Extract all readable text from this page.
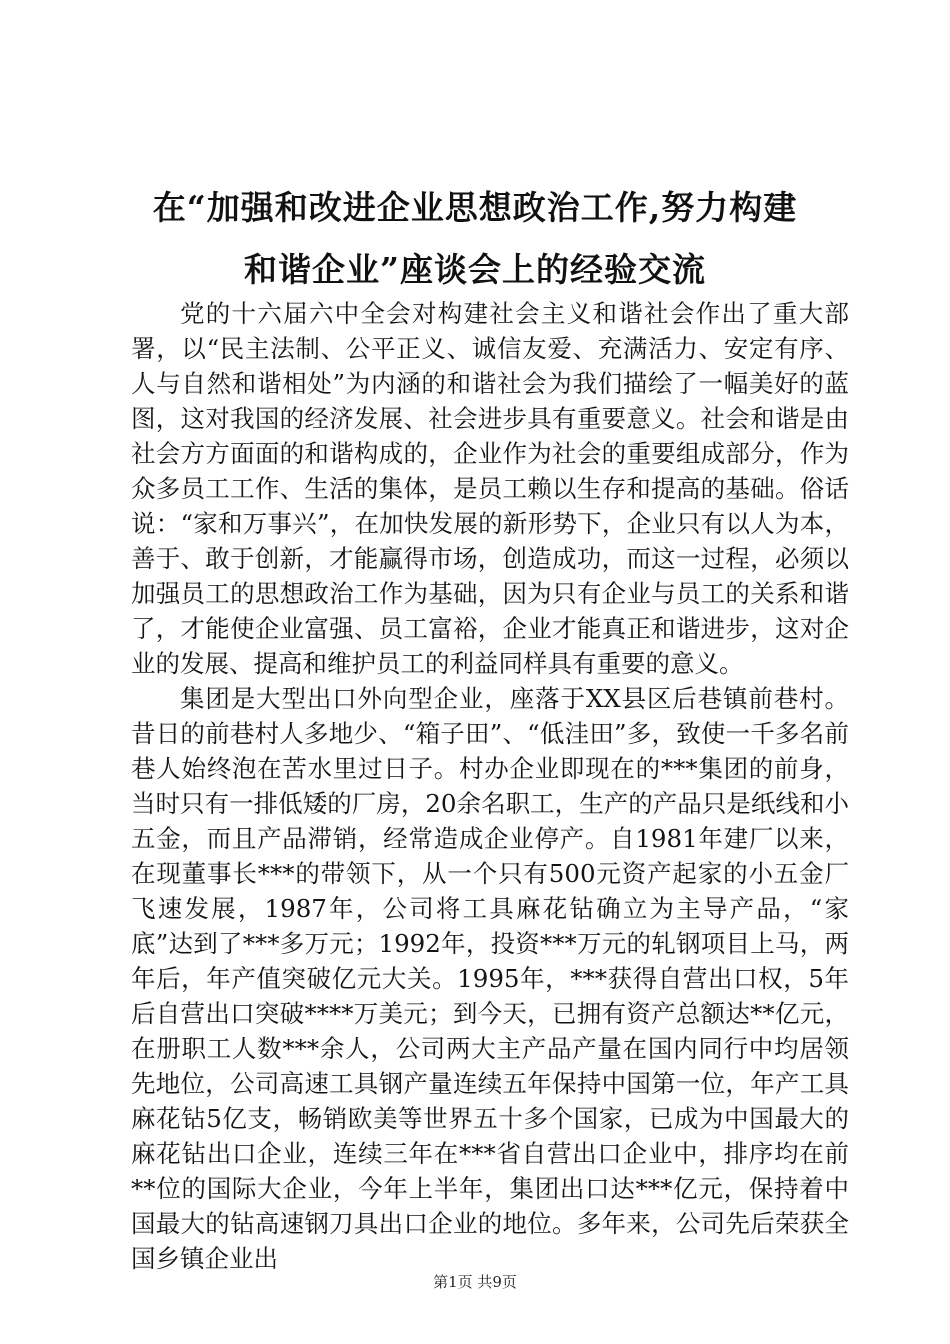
在“加强和改进企业思想政治工作,努力构建
和谐企业”座谈会上的经验交流

党的十六届六中全会对构建社会主义和谐社会作出了重大部署，以“民主法制、公平正义、诚信友爱、充满活力、安定有序、人与自然和谐相处”为内涵的和谐社会为我们描绘了一幅美好的蓝图，这对我国的经济发展、社会进步具有重要意义。社会和谐是由社会方方面面的和谐构成的，企业作为社会的重要组成部分，作为众多员工工作、生活的集体，是员工赖以生存和提高的基础。俗话说：“家和万事兴”，在加快发展的新形势下，企业只有以人为本，善于、敢于创新，才能赢得市场，创造成功，而这一过程，必须以加强员工的思想政治工作为基础，因为只有企业与员工的关系和谐了，才能使企业富强、员工富裕，企业才能真正和谐进步，这对企业的发展、提高和维护员工的利益同样具有重要的意义。

集团是大型出口外向型企业，座落于XX县区后巷镇前巷村。昔日的前巷村人多地少、“箱子田”、“低洼田”多，致使一千多名前巷人始终泡在苦水里过日子。村办企业即现在的***集团的前身，当时只有一排低矮的厂房，20余名职工，生产的产品只是纸线和小五金，而且产品滞销，经常造成企业停产。自1981年建厂以来，在现董事长***的带领下，从一个只有500元资产起家的小五金厂飞速发展，1987年，公司将工具麻花钻确立为主导产品，“家底”达到了***多万元；1992年，投资***万元的轧钢项目上马，两年后，年产值突破亿元大关。1995年，***获得自营出口权，5年后自营出口突破****万美元；到今天，已拥有资产总额达**亿元，在册职工人数***余人，公司两大主产品产量在国内同行中均居领先地位，公司高速工具钢产量连续五年保持中国第一位，年产工具麻花钻5亿支，畅销欧美等世界五十多个国家，已成为中国最大的麻花钻出口企业，连续三年在***省自营出口企业中，排序均在前**位的国际大企业，今年上半年，集团出口达***亿元，保持着中国最大的钻高速钢刀具出口企业的地位。多年来，公司先后荣获全国乡镇企业出

第1页 共9页
